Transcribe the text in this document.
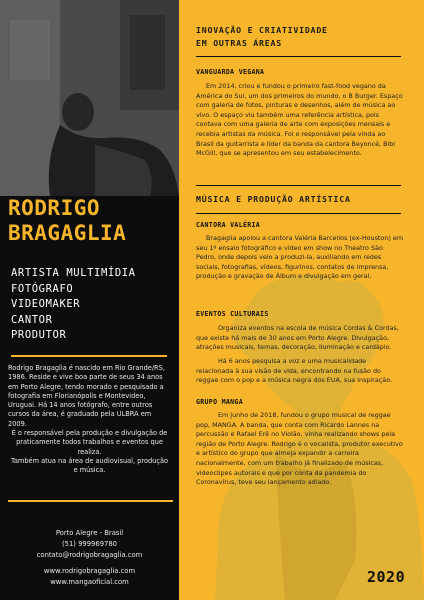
RODRIGO
BRAGAGLIA
ARTISTA MULTIMÍDIA
FOTÓGRAFO
VIDEOMAKER
CANTOR
PRODUTOR

Rodrigo Bragaglia é nascido em Rio Grande/RS, 1986. Reside e vive boa parte de seus 34 anos em Porto Alegre, tendo morado e pesquisado a fotografia em Florianópolis e Montevideo, Uruguai. Há 14 anos fotógrafo, entre outros cursos da área, é graduado pela ULBRA em 2009.

É o responsável pela produção e divulgação de praticamente todos trabalhos e eventos que realiza.

Também atua na área de audiovisual, produção e música.

Porto Alegre - Brasil
(51) 999969780
contato@rodrigobragaglia.com
www.rodrigobragaglia.com
www.mangaoficial.com
INOVAÇÃO E CRIATIVIDADE
EM OUTRAS ÁREAS
VANGUARDA VEGANA

Em 2014, criou e fundou o primeiro fast-food vegano da América do Sul, um dos primeiros do mundo, o B Burger. Espaço com galeria de fotos, pinturas e desenhos, além de música ao vivo. O espaço viu também uma referência artística, pois contava com uma galeria de arte com exposições mensais e recebia artistas da música. Foi o responsável pela vinda ao Brasil da guitarrista e líder da banda da cantora Beyoncé, Bibi McGill, que se apresentou em seu estabelecimento.

MÚSICA E PRODUÇÃO ARTÍSTICA
CANTORA VALÉRIA

Bragaglia apoiou a cantora Valéria Barcellos (ex-Houston) em seu 1º ensaio fotográfico e vídeo em show no Theatro São Pedro, onde depois veio a produzi-la, auxiliando em redes sociais, fotografias, vídeos, figurinos, contatos de imprensa, produção e gravação de Álbum e divulgação em geral.

EVENTOS CULTURAIS

Organiza eventos na escola de música Cordas & Cordas, que existe há mais de 30 anos em Porto Alegre. Divulgação, atrações musicais, temas, decoração, iluminação e cardápio.

Há 6 anos pesquisa a voz e uma musicalidade relacionada à sua visão de vida, encontrando na fusão do reggae com o pop e a música negra dos EUA, sua inspiração.

GRUPO MANGA

Em junho de 2018, fundou o grupo musical de reggae pop, MANGA. A banda, que conta com Ricardo Lannes na percussão e Rafael Erê no Violão, vinha realizando shows pela região de Porto Alegre. Rodrigo é o vocalista, produtor executivo e artístico do grupo que almeja expandir a carreira nacionalmente, com um trabalho já finalizado de músicas, videoclipes autorais e que por conta da pandemia do Coronavírus, teve seu lançamento adiado.

2020
